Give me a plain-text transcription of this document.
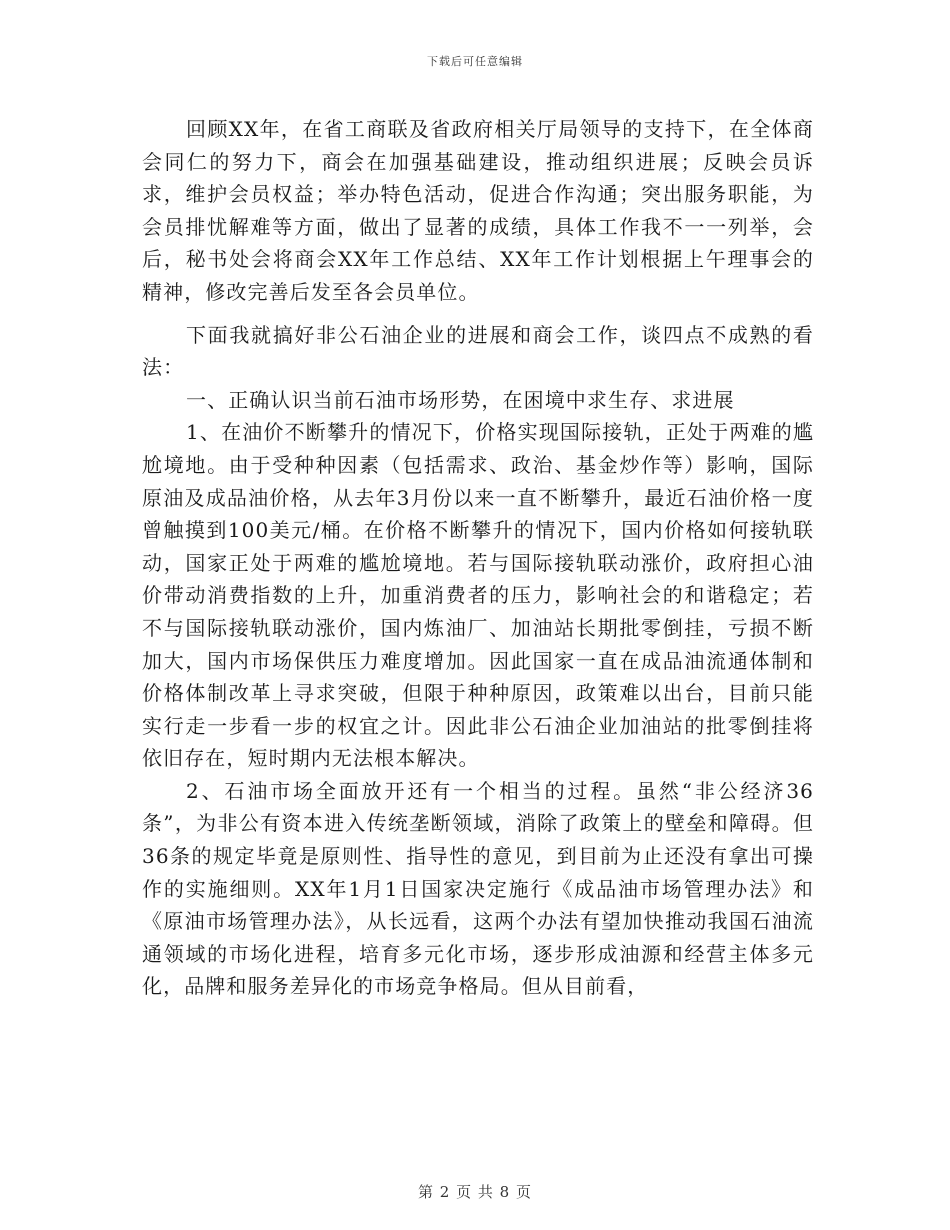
下载后可任意编辑

回顾XX年，在省工商联及省政府相关厅局领导的支持下，在全体商会同仁的努力下，商会在加强基础建设，推动组织进展；反映会员诉求，维护会员权益；举办特色活动，促进合作沟通；突出服务职能，为会员排忧解难等方面，做出了显著的成绩，具体工作我不一一列举，会后，秘书处会将商会XX年工作总结、XX年工作计划根据上午理事会的精神，修改完善后发至各会员单位。

下面我就搞好非公石油企业的进展和商会工作，谈四点不成熟的看法：

一、正确认识当前石油市场形势，在困境中求生存、求进展

1、在油价不断攀升的情况下，价格实现国际接轨，正处于两难的尴尬境地。由于受种种因素（包括需求、政治、基金炒作等）影响，国际原油及成品油价格，从去年3月份以来一直不断攀升，最近石油价格一度曾触摸到100美元/桶。在价格不断攀升的情况下，国内价格如何接轨联动，国家正处于两难的尴尬境地。若与国际接轨联动涨价，政府担心油价带动消费指数的上升，加重消费者的压力，影响社会的和谐稳定；若不与国际接轨联动涨价，国内炼油厂、加油站长期批零倒挂，亏损不断加大，国内市场保供压力难度增加。因此国家一直在成品油流通体制和价格体制改革上寻求突破，但限于种种原因，政策难以出台，目前只能实行走一步看一步的权宜之计。因此非公石油企业加油站的批零倒挂将依旧存在，短时期内无法根本解决。

2、石油市场全面放开还有一个相当的过程。虽然“非公经济36条”，为非公有资本进入传统垄断领域，消除了政策上的壁垒和障碍。但36条的规定毕竟是原则性、指导性的意见，到目前为止还没有拿出可操作的实施细则。XX年1月1日国家决定施行《成品油市场管理办法》和《原油市场管理办法》，从长远看，这两个办法有望加快推动我国石油流通领域的市场化进程，培育多元化市场，逐步形成油源和经营主体多元化，品牌和服务差异化的市场竞争格局。但从目前看，

第 2 页 共 8 页
